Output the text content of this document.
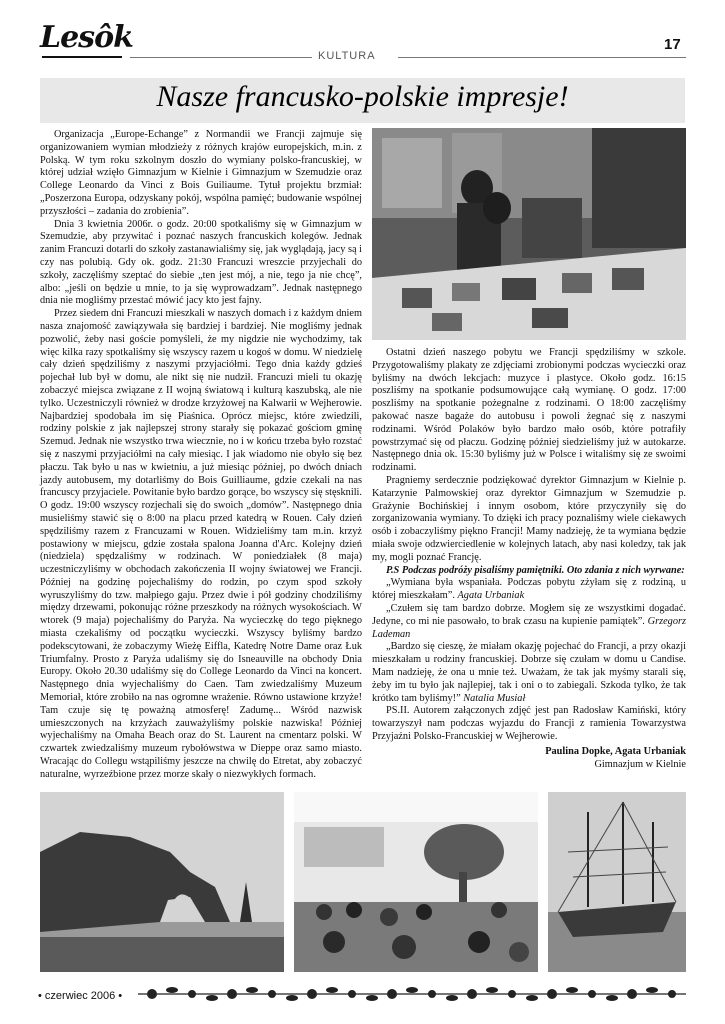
Lesôk	17
KULTURA
Nasze francusko-polskie impresje!

Organizacja „Europe-Echange” z Normandii we Francji zajmuje się organizowaniem wymian młodzieży z różnych krajów europejskich, m.in. z Polską. W tym roku szkolnym doszło do wymiany polsko-francuskiej, w której udział wzięło Gimnazjum w Kielnie i Gimnazjum w Szemudzie oraz College Leonardo da Vinci z Bois Guiliaume. Tytuł projektu brzmiał: „Poszerzona Europa, odzyskany pokój, wspólna pamięć; budowanie wspólnej przyszłości – zadania do zrobienia”.

Dnia 3 kwietnia 2006r. o godz. 20:00 spotkaliśmy się w Gimnazjum w Szemudzie, aby przywitać i poznać naszych francuskich kolegów. Jednak zanim Francuzi dotarli do szkoły zastanawialiśmy się, jak wyglądają, jacy są i czy nas polubią. Gdy ok. godz. 21:30 Francuzi wreszcie przyjechali do szkoły, zaczęliśmy szeptać do siebie „ten jest mój, a nie, tego ja nie chcę”, albo: „jeśli on będzie u mnie, to ja się wyprowadzam”. Jednak następnego dnia nie mogliśmy przestać mówić jacy kto jest fajny.

Przez siedem dni Francuzi mieszkali w naszych domach i z każdym dniem nasza znajomość zawiązywała się bardziej i bardziej. Nie mogliśmy jednak pozwolić, żeby nasi goście pomyśleli, że my nigdzie nie wychodzimy, tak więc kilka razy spotkaliśmy się wszyscy razem u kogoś w domu. W niedzielę cały dzień spędziliśmy z naszymi przyjaciółmi. Tego dnia każdy gdzieś pojechał lub był w domu, ale nikt się nie nudził. Francuzi mieli tu okazję zobaczyć miejsca związane z II wojną światową i kulturą kaszubską, ale nie tylko. Uczestniczyli również w drodze krzyżowej na Kalwarii w Wejherowie. Najbardziej spodobała im się Piaśnica. Oprócz miejsc, które zwiedzili, rodziny polskie z jak najlepszej strony starały się pokazać gościom gminę Szemud. Jednak nie wszystko trwa wiecznie, no i w końcu trzeba było rozstać się z naszymi przyjaciółmi na cały miesiąc. I jak wiadomo nie obyło się bez płaczu. Tak było u nas w kwietniu, a już miesiąc później, po dwóch dniach jazdy autobusem, my dotarliśmy do Bois Guilliaume, gdzie czekali na nas francuscy przyjaciele. Powitanie było bardzo gorące, bo wszyscy się stęsknili. O godz. 19:00 wszyscy rozjechali się do swoich „domów”. Następnego dnia musieliśmy stawić się o 8:00 na placu przed katedrą w Rouen. Cały dzień spędziliśmy razem z Francuzami w Rouen. Widzieliśmy tam m.in. krzyż postawiony w miejscu, gdzie została spalona Joanna d'Arc. Kolejny dzień (niedziela) spędzaliśmy w rodzinach. W poniedziałek (8 maja) uczestniczyliśmy w obchodach zakończenia II wojny światowej we Francji. Później na godzinę pojechaliśmy do rodzin, po czym spod szkoły wyruszyliśmy do tzw. małpiego gaju. Przez dwie i pół godziny chodziliśmy między drzewami, pokonując różne przeszkody na różnych wysokościach. W wtorek (9 maja) pojechaliśmy do Paryża. Na wycieczkę do tego pięknego miasta czekaliśmy od początku wycieczki. Wszyscy byliśmy bardzo podekscytowani, że zobaczymy Wieżę Eiffla, Katedrę Notre Dame oraz Łuk Triumfalny. Prosto z Paryża udaliśmy się do Isneauville na obchody Dnia Europy. Około 20.30 udaliśmy się do College Leonardo da Vinci na koncert. Następnego dnia wyjechaliśmy do Caen. Tam zwiedzaliśmy Muzeum Memoriał, które zrobiło na nas ogromne wrażenie. Równo ustawione krzyże! Tam czuje się tę poważną atmosferę! Zadumę... Wśród nazwisk umieszczonych na krzyżach zauważyliśmy polskie nazwiska! Później wyjechaliśmy na Omaha Beach oraz do St. Laurent na cmentarz polski. W czwartek zwiedzaliśmy muzeum rybołówstwa w Dieppe oraz samo miasto. Wracając do Collegu wstąpiliśmy jeszcze na chwilę do Etretat, aby zobaczyć naturalne, wyrzeźbione przez morze skały o niezwykłych formach.

Ostatni dzień naszego pobytu we Francji spędziliśmy w szkole. Przygotowaliśmy plakaty ze zdjęciami zrobionymi podczas wycieczki oraz byliśmy na dwóch lekcjach: muzyce i plastyce. Około godz. 16:15 poszliśmy na spotkanie podsumowujące całą wymianę. O godz. 17:00 poszliśmy na spotkanie pożegnalne z rodzinami. O 18:00 zaczęliśmy pakować nasze bagaże do autobusu i powoli żegnać się z naszymi rodzinami. Wśród Polaków było bardzo mało osób, które potrafiły powstrzymać się od płaczu. Godzinę później siedzieliśmy już w autokarze. Następnego dnia ok. 15:30 byliśmy już w Polsce i witaliśmy się ze swoimi rodzinami.

Pragniemy serdecznie podziękować dyrektor Gimnazjum w Kielnie p. Katarzynie Palmowskiej oraz dyrektor Gimnazjum w Szemudzie p. Grażynie Bochińskiej i innym osobom, które przyczyniły się do zorganizowania wymiany. To dzięki ich pracy poznaliśmy wiele ciekawych osób i zobaczyliśmy piękno Francji! Mamy nadzieję, że ta wymiana będzie miała swoje odzwierciedlenie w kolejnych latach, aby nasi koledzy, tak jak my, mogli poznać Francję.

P.S Podczas podróży pisaliśmy pamiętniki. Oto zdania z nich wyrwane:

„Wymiana była wspaniała. Podczas pobytu zżyłam się z rodziną, u której mieszkałam”. Agata Urbaniak

„Czułem się tam bardzo dobrze. Mogłem się ze wszystkimi dogadać. Jedyne, co mi nie pasowało, to brak czasu na kupienie pamiątek”. Grzegorz Lademan

„Bardzo się cieszę, że miałam okazję pojechać do Francji, a przy okazji mieszkałam u rodziny francuskiej. Dobrze się czułam w domu u Candise. Mam nadzieję, że ona u mnie też. Uważam, że tak jak myśmy starali się, żeby im tu było jak najlepiej, tak i oni o to zabiegali. Szkoda tylko, że tak krótko tam byliśmy!” Natalia Musiał

PS.II. Autorem załączonych zdjęć jest pan Radosław Kamiński, który towarzyszył nam podczas wyjazdu do Francji z ramienia Towarzystwa Przyjaźni Polsko-Francuskiej w Wejherowie.

Paulina Dopke, Agata Urbaniak
Gimnazjum w Kielnie
• czerwiec 2006 •
